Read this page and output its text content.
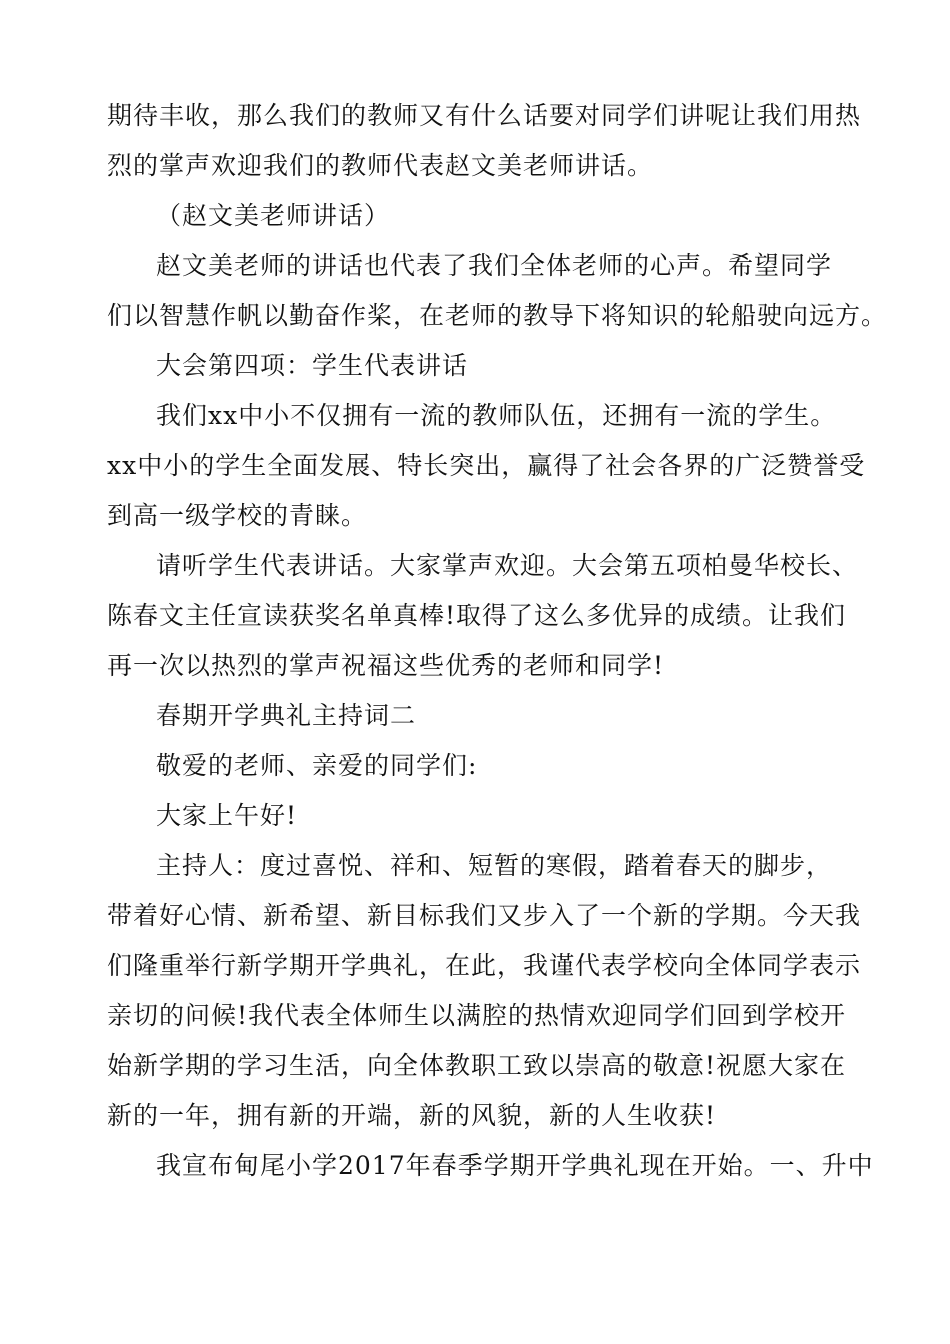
期待丰收，那么我们的教师又有什么话要对同学们讲呢让我们用热
烈的掌声欢迎我们的教师代表赵文美老师讲话。
（赵文美老师讲话）
赵文美老师的讲话也代表了我们全体老师的心声。希望同学
们以智慧作帆以勤奋作桨，在老师的教导下将知识的轮船驶向远方。
大会第四项：学生代表讲话
我们xx中小不仅拥有一流的教师队伍，还拥有一流的学生。
xx中小的学生全面发展、特长突出，赢得了社会各界的广泛赞誉受
到高一级学校的青睐。
请听学生代表讲话。大家掌声欢迎。大会第五项柏曼华校长、
陈春文主任宣读获奖名单真棒!取得了这么多优异的成绩。让我们
再一次以热烈的掌声祝福这些优秀的老师和同学!
春期开学典礼主持词二
敬爱的老师、亲爱的同学们:
大家上午好!
主持人：度过喜悦、祥和、短暂的寒假，踏着春天的脚步，
带着好心情、新希望、新目标我们又步入了一个新的学期。今天我
们隆重举行新学期开学典礼，在此，我谨代表学校向全体同学表示
亲切的问候!我代表全体师生以满腔的热情欢迎同学们回到学校开
始新学期的学习生活，向全体教职工致以崇高的敬意!祝愿大家在
新的一年，拥有新的开端，新的风貌，新的人生收获!
我宣布甸尾小学2017年春季学期开学典礼现在开始。一、升中
